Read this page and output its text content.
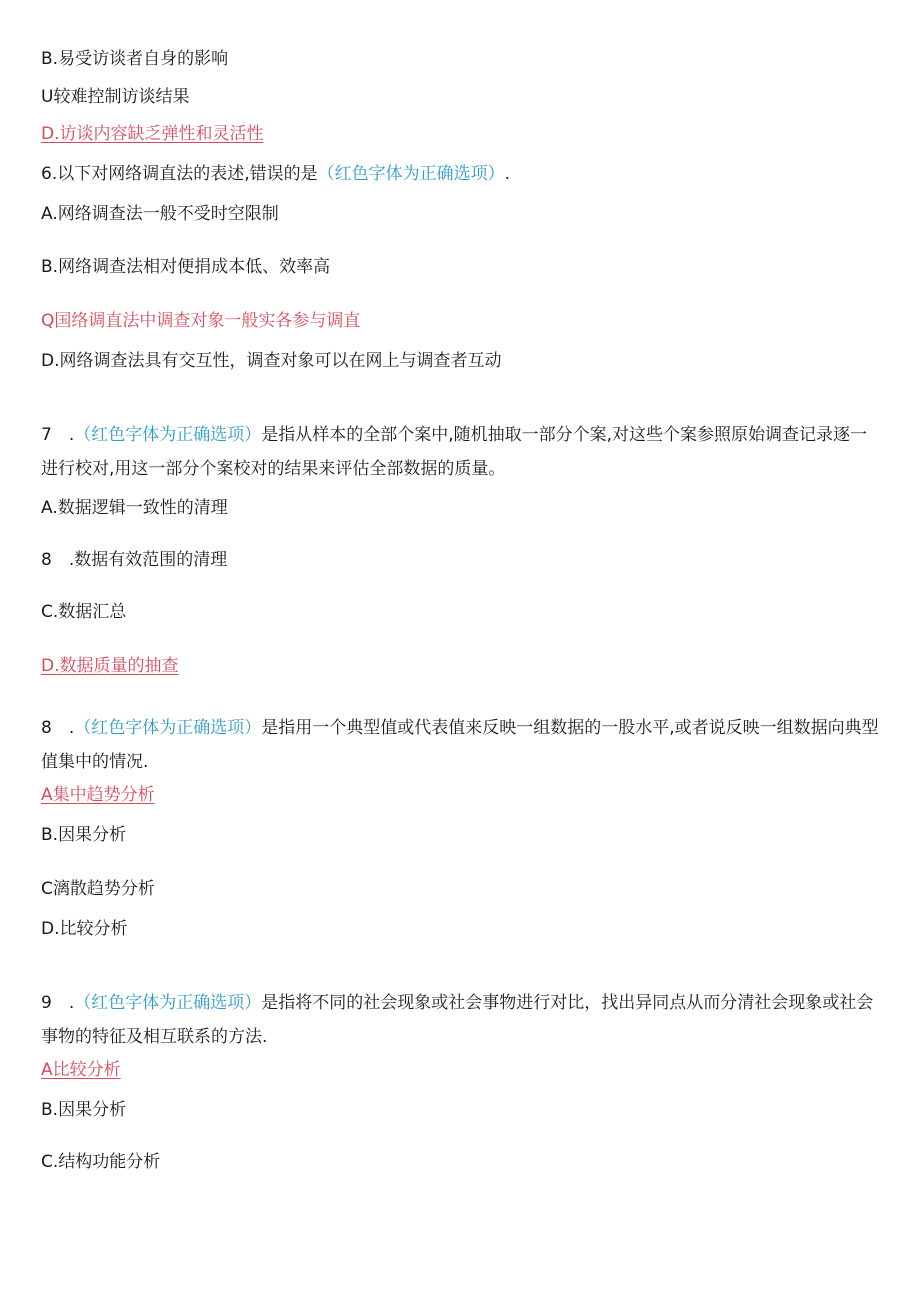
B.易受访谈者自身的影响
U较难控制访谈结果
D.访谈内容缺乏弹性和灵活性
6.以下对网络调直法的表述,错误的是（红色字体为正确选项）.
A.网络调查法一般不受时空限制
B.网络调查法相对便捐成本低、效率高
Q国络调直法中调查对象一般实各参与调直
D.网络调查法具有交互性，调查对象可以在网上与调查者互动
7　.（红色字体为正确选项）是指从样本的全部个案中,随机抽取一部分个案,对这些个案参照原始调查记录逐一进行校对,用这一部分个案校对的结果来评估全部数据的质量。
A.数据逻辑一致性的清理
8　.数据有效范围的清理
C.数据汇总
D.数据质量的抽查
8　.（红色字体为正确选项）是指用一个典型值或代表值来反映一组数据的一股水平,或者说反映一组数据向典型值集中的情况.
A集中趋势分析
B.因果分析
C漓散趋势分析
D.比较分析
9　.（红色字体为正确选项）是指将不同的社会现象或社会事物进行对比，找出异同点从而分清社会现象或社会事物的特征及相互联系的方法.
A比较分析
B.因果分析
C.结构功能分析
